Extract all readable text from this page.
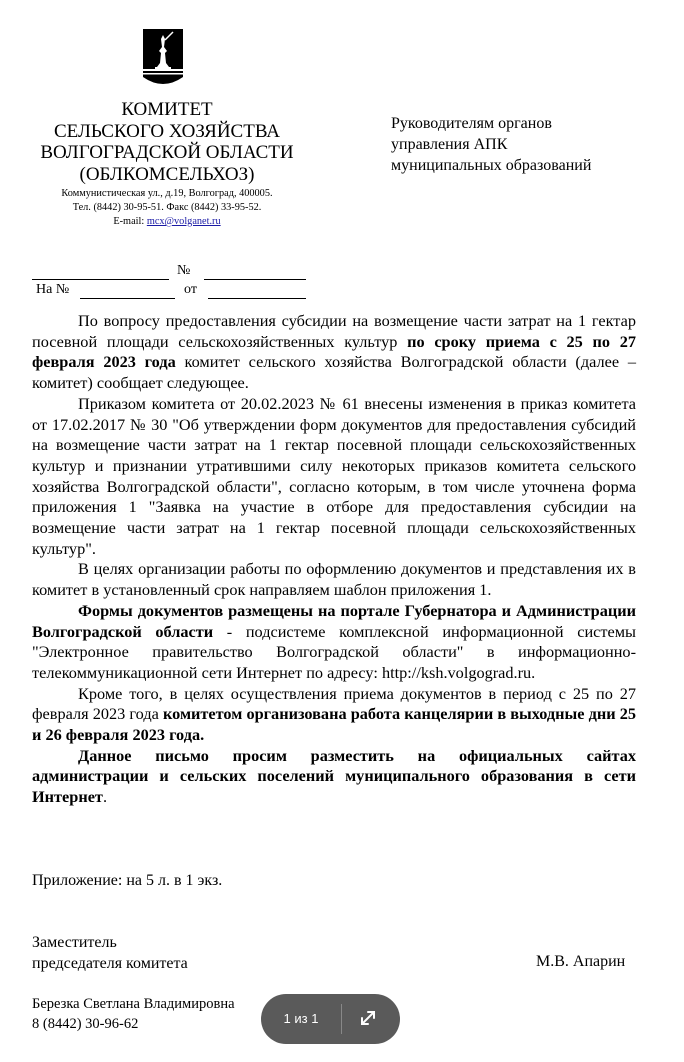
КОМИТЕТ
СЕЛЬСКОГО ХОЗЯЙСТВА
ВОЛГОГРАДСКОЙ ОБЛАСТИ
(ОБЛКОМСЕЛЬХОЗ)
Коммунистическая ул., д.19, Волгоград, 400005.
Тел. (8442) 30-95-51. Факс (8442) 33-95-52.
E-mail: mcx@volganet.ru
Руководителям органов
управления АПК
муниципальных образований
№
На №	от

По вопросу предоставления субсидии на возмещение части затрат на 1 гектар посевной площади сельскохозяйственных культур по сроку приема с 25 по 27 февраля 2023 года комитет сельского хозяйства Волгоградской области (далее – комитет) сообщает следующее.

Приказом комитета от 20.02.2023 № 61 внесены изменения в приказ комитета от 17.02.2017 № 30 "Об утверждении форм документов для предоставления субсидий на возмещение части затрат на 1 гектар посевной площади сельскохозяйственных культур и признании утратившими силу некоторых приказов комитета сельского хозяйства Волгоградской области", согласно которым, в том числе уточнена форма приложения 1 "Заявка на участие в отборе для предоставления субсидии на возмещение части затрат на 1 гектар посевной площади сельскохозяйственных культур".

В целях организации работы по оформлению документов и представления их в комитет в установленный срок направляем шаблон приложения 1.

Формы документов размещены на портале Губернатора и Администрации Волгоградской области - подсистеме комплексной информационной системы "Электронное правительство Волгоградской области" в информационно-телекоммуникационной сети Интернет по адресу: http://ksh.volgograd.ru.

Кроме того, в целях осуществления приема документов в период с 25 по 27 февраля 2023 года комитетом организована работа канцелярии в выходные дни 25 и 26 февраля 2023 года.

Данное письмо просим разместить на официальных сайтах администрации и сельских поселений муниципального образования в сети Интернет.

Приложение: на 5 л. в 1 экз.
Заместитель
председателя комитета	М.В. Апарин
Березка Светлана Владимировна
8 (8442) 30-96-62	1 из 1
